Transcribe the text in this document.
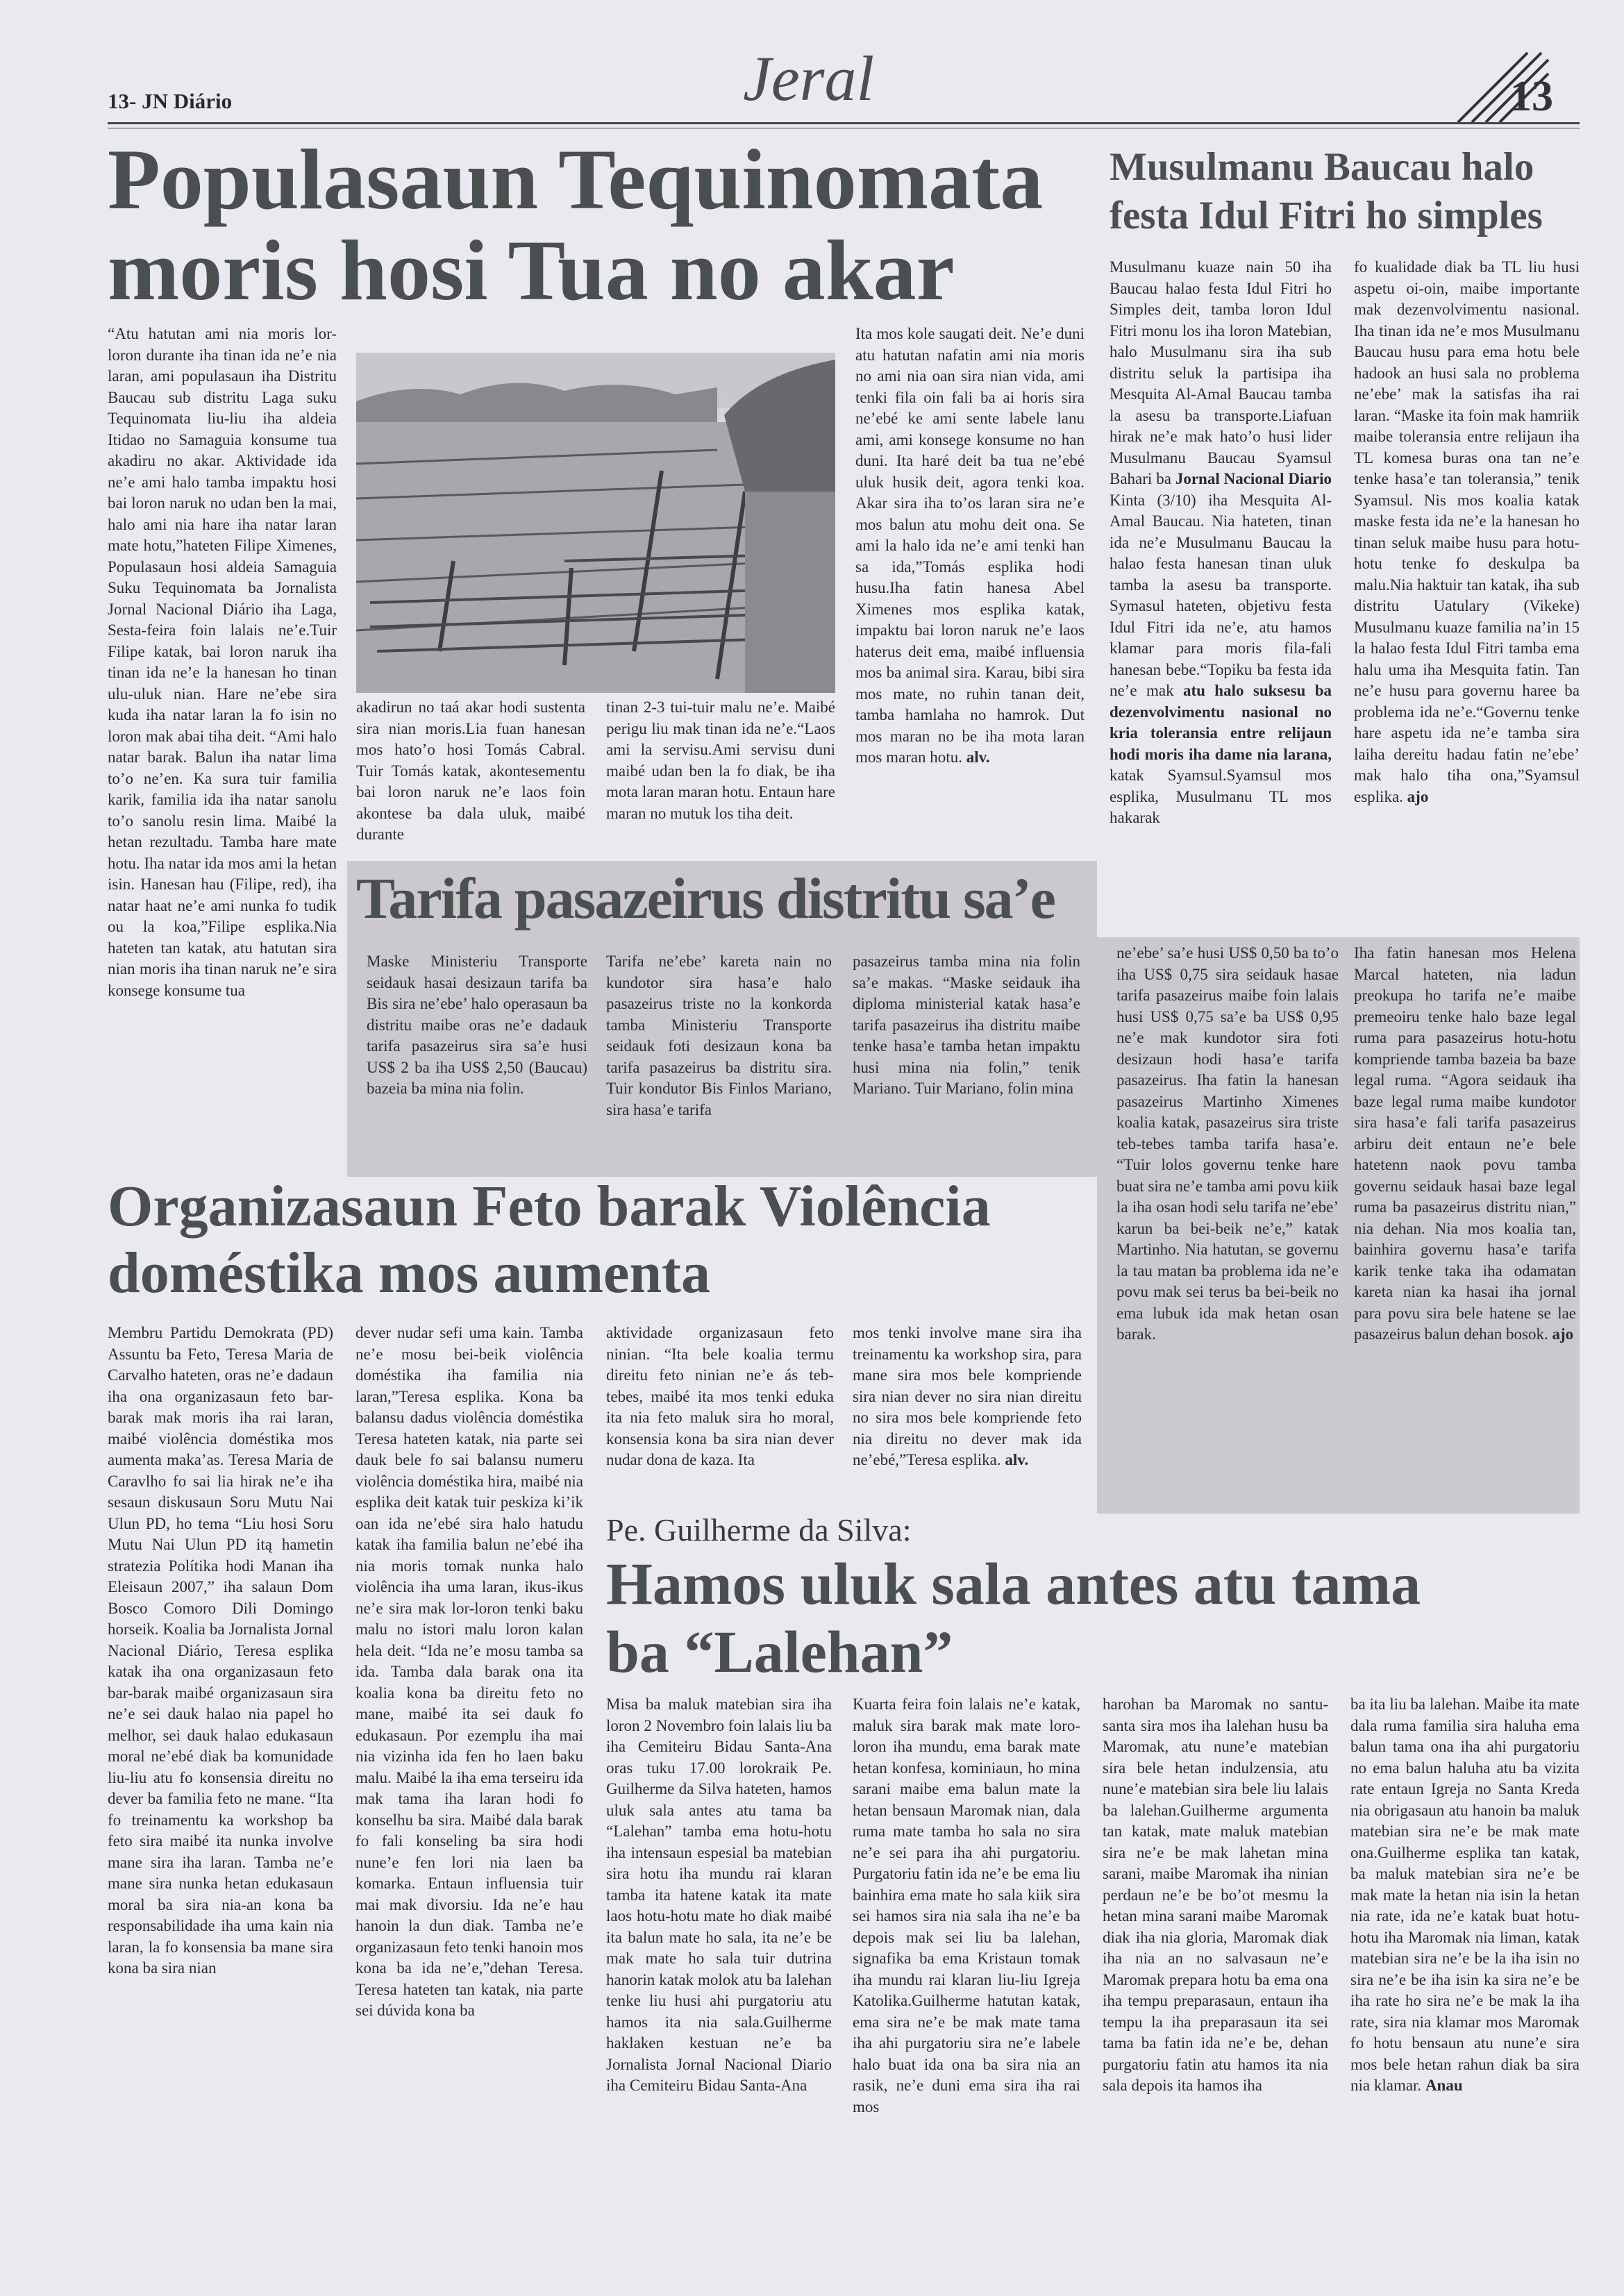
13- JN Diário	Jeral	13
Populasaun Tequinomata
moris hosi Tua no akar
“Atu hatutan ami nia moris lor-loron durante iha tinan ida ne’e nia laran, ami populasaun iha Distritu Baucau sub distritu Laga suku Tequinomata liu-liu iha aldeia Itidao no Samaguia konsume tua akadiru no akar. Aktividade ida ne’e ami halo tamba impaktu hosi bai loron naruk no udan ben la mai, halo ami nia hare iha natar laran mate hotu,”hateten Filipe Ximenes, Populasaun hosi aldeia Samaguia Suku Tequinomata ba Jornalista Jornal Nacional Diário iha Laga, Sesta-feira foin lalais ne’e.Tuir Filipe katak, bai loron naruk iha tinan ida ne’e la hanesan ho tinan ulu-uluk nian. Hare ne’ebe sira kuda iha natar laran la fo isin no loron mak abai tiha deit. “Ami halo natar barak. Balun iha natar lima to’o ne’en. Ka sura tuir familia karik, familia ida iha natar sanolu to’o sanolu resin lima. Maibé la hetan rezultadu. Tamba hare mate hotu. Iha natar ida mos ami la hetan isin. Hanesan hau (Filipe, red), iha natar haat ne’e ami nunka fo tudik ou la koa,”Filipe esplika.Nia hateten tan katak, atu hatutan sira nian moris iha tinan naruk ne’e sira konsege konsume tua
akadirun no taá akar hodi sustenta sira nian moris.Lia fuan hanesan mos hato’o hosi Tomás Cabral. Tuir Tomás katak, akontesementu bai loron naruk ne’e laos foin akontese ba dala uluk, maibé durante
tinan 2-3 tui-tuir malu ne’e. Maibé perigu liu mak tinan ida ne’e.“Laos ami la servisu.Ami servisu duni maibé udan ben la fo diak, be iha mota laran maran hotu. Entaun hare maran no mutuk los tiha deit.
Ita mos kole saugati deit. Ne’e duni atu hatutan nafatin ami nia moris no ami nia oan sira nian vida, ami tenki fila oin fali ba ai horis sira ne’ebé ke ami sente labele lanu ami, ami konsege konsume no han duni. Ita haré deit ba tua ne’ebé uluk husik deit, agora tenki koa. Akar sira iha to’os laran sira ne’e mos balun atu mohu deit ona. Se ami la halo ida ne’e ami tenki han sa ida,”Tomás esplika hodi husu.Iha fatin hanesa Abel Ximenes mos esplika katak, impaktu bai loron naruk ne’e laos haterus deit ema, maibé influensia mos ba animal sira. Karau, bibi sira mos mate, no ruhin tanan deit, tamba hamlaha no hamrok. Dut mos maran no be iha mota laran mos maran hotu. alv.
Musulmanu Baucau halo
festa Idul Fitri ho simples
Musulmanu kuaze nain 50 iha Baucau halao festa Idul Fitri ho Simples deit, tamba loron Idul Fitri monu los iha loron Matebian, halo Musulmanu sira iha sub distritu seluk la partisipa iha Mesquita Al-Amal Baucau tamba la asesu ba transporte.Liafuan hirak ne’e mak hato’o husi lider Musulmanu Baucau Syamsul Bahari ba Jornal Nacional Diario Kinta (3/10) iha Mesquita Al-Amal Baucau. Nia hateten, tinan ida ne’e Musulmanu Baucau la halao festa hanesan tinan uluk tamba la asesu ba transporte. Symasul hateten, objetivu festa Idul Fitri ida ne’e, atu hamos klamar para moris fila-fali hanesan bebe.“Topiku ba festa ida ne’e mak atu halo suksesu ba dezenvolvimentu nasional no kria toleransia entre relijaun hodi moris iha dame nia larana, katak Syamsul.Syamsul mos esplika, Musulmanu TL mos hakarak
fo kualidade diak ba TL liu husi aspetu oi-oin, maibe importante mak dezenvolvimentu nasional. Iha tinan ida ne’e mos Musulmanu Baucau husu para ema hotu bele hadook an husi sala no problema ne’ebe’ mak la satisfas iha rai laran. “Maske ita foin mak hamriik maibe toleransia entre relijaun iha TL komesa buras ona tan ne’e tenke hasa’e tan toleransia,” tenik Syamsul. Nis mos koalia katak maske festa ida ne’e la hanesan ho tinan seluk maibe husu para hotu-hotu tenke fo deskulpa ba malu.Nia haktuir tan katak, iha sub distritu Uatulary (Vikeke) Musulmanu kuaze familia na’in 15 la halao festa Idul Fitri tamba ema halu uma iha Mesquita fatin. Tan ne’e husu para governu haree ba problema ida ne’e.“Governu tenke hare aspetu ida ne’e tamba sira laiha dereitu hadau fatin ne’ebe’ mak halo tiha ona,”Syamsul esplika. ajo
Tarifa pasazeirus distritu sa’e
Maske Ministeriu Transporte seidauk hasai desizaun tarifa ba Bis sira ne’ebe’ halo operasaun ba distritu maibe oras ne’e dadauk tarifa pasazeirus sira sa’e husi US$ 2 ba iha US$ 2,50 (Baucau) bazeia ba mina nia folin.
Tarifa ne’ebe’ kareta nain no kundotor sira hasa’e halo pasazeirus triste no la konkorda tamba Ministeriu Transporte seidauk foti desizaun kona ba tarifa pasazeirus ba distritu sira. Tuir kondutor Bis Finlos Mariano, sira hasa’e tarifa
pasazeirus tamba mina nia folin sa’e makas. “Maske seidauk iha diploma ministerial katak hasa’e tarifa pasazeirus iha distritu maibe tenke hasa’e tamba hetan impaktu husi mina nia folin,” tenik Mariano. Tuir Mariano, folin mina
ne’ebe’ sa’e husi US$ 0,50 ba to’o iha US$ 0,75 sira seidauk hasae tarifa pasazeirus maibe foin lalais husi US$ 0,75 sa’e ba US$ 0,95 ne’e mak kundotor sira foti desizaun hodi hasa’e tarifa pasazeirus. Iha fatin la hanesan pasazeirus Martinho Ximenes koalia katak, pasazeirus sira triste teb-tebes tamba tarifa hasa’e. “Tuir lolos governu tenke hare buat sira ne’e tamba ami povu kiik la iha osan hodi selu tarifa ne’ebe’ karun ba bei-beik ne’e,” katak Martinho. Nia hatutan, se governu la tau matan ba problema ida ne’e povu mak sei terus ba bei-beik no ema lubuk ida mak hetan osan barak.
Iha fatin hanesan mos Helena Marcal hateten, nia ladun preokupa ho tarifa ne’e maibe premeoiru tenke halo baze legal ruma para pasazeirus hotu-hotu kompriende tamba bazeia ba baze legal ruma. “Agora seidauk iha baze legal ruma maibe kundotor sira hasa’e fali tarifa pasazeirus arbiru deit entaun ne’e bele hatetenn naok povu tamba governu seidauk hasai baze legal ruma ba pasazeirus distritu nian,” nia dehan. Nia mos koalia tan, bainhira governu hasa’e tarifa karik tenke taka iha odamatan kareta nian ka hasai iha jornal para povu sira bele hatene se lae pasazeirus balun dehan bosok. ajo
Organizasaun Feto barak Violência
doméstika mos aumenta
Membru Partidu Demokrata (PD) Assuntu ba Feto, Teresa Maria de Carvalho hateten, oras ne’e dadaun iha ona organizasaun feto bar-barak mak moris iha rai laran, maibé violência doméstika mos aumenta maka’as. Teresa Maria de Caravlho fo sai lia hirak ne’e iha sesaun diskusaun Soru Mutu Nai Ulun PD, ho tema “Liu hosi Soru Mutu Nai Ulun PD itą hametin strateziа Polítika hodi Manan iha Eleisaun 2007,” iha salaun Dom Bosco Comoro Dili Domingo horseik. Koalia ba Jornalista Jornal Nacional Diário, Teresa esplika katak iha ona organizasaun feto bar-barak maibé organizasaun sira ne’e sei dauk halao nia papel ho melhor, sei dauk halao edukasaun moral ne’ebé diak ba komunidade liu-liu atu fo konsensia direitu no dever ba familia feto ne mane. “Ita fo treinamentu ka workshop ba feto sira maibé ita nunka involve mane sira iha laran. Tamba ne’e mane sira nunka hetan edukasaun moral ba sira nia-an kona ba responsabilidade iha uma kain nia laran, la fo konsensia ba mane sira kona ba sira nian
dever nudar sefi uma kain. Tamba ne’e mosu bei-beik violência doméstika iha familia nia laran,”Teresa esplika. Kona ba balansu dadus violência doméstika Teresa hateten katak, nia parte sei dauk bele fo sai balansu numeru violência doméstika hira, maibé nia esplika deit katak tuir peskiza ki’ik oan ida ne’ebé sira halo hatudu katak iha familia balun ne’ebé iha nia moris tomak nunka halo violência iha uma laran, ikus-ikus ne’e sira mak lor-loron tenki baku malu no istori malu loron kalan hela deit. “Ida ne’e mosu tamba sa ida. Tamba dala barak ona ita koalia kona ba direitu feto no mane, maibé ita sei dauk fo edukasaun. Por ezemplu iha mai nia vizinha ida fen ho laen baku malu. Maibé la iha ema terseiru ida mak tama iha laran hodi fo konselhu ba sira. Maibé dala barak fo fali konseling ba sira hodi nune’e fen lori nia laen ba komarka. Entaun influensia tuir mai mak divorsiu. Ida ne’e hau hanoin la dun diak. Tamba ne’e organizasaun feto tenki hanoin mos kona ba ida ne’e,”dehan Teresa. Teresa hateten tan katak, nia parte sei dúvida kona ba
aktividade organizasaun feto ninian. “Ita bele koalia termu direitu feto ninian ne’e ás teb-tebes, maibé ita mos tenki eduka ita nia feto maluk sira ho moral, konsensia kona ba sira nian dever nudar dona de kaza. Ita
mos tenki involve mane sira iha treinamentu ka workshop sira, para mane sira mos bele kompriende sira nian dever no sira nian direitu no sira mos bele kompriende feto nia direitu no dever mak ida ne’ebé,”Teresa esplika. alv.
Pe. Guilherme da Silva:
Hamos uluk sala antes atu tama
ba “Lalehan”
Misa ba maluk matebian sira iha loron 2 Novembro foin lalais liu ba iha Cemiteiru Bidau Santa-Ana oras tuku 17.00 lorokraik Pe. Guilherme da Silva hateten, hamos uluk sala antes atu tama ba “Lalehan” tamba ema hotu-hotu iha intensaun espesial ba matebian sira hotu iha mundu rai klaran tamba ita hatene katak ita mate laos hotu-hotu mate ho diak maibé ita balun mate ho sala, ita ne’e be mak mate ho sala tuir dutrina hanorin katak molok atu ba lalehan tenke liu husi ahi purgatoriu atu hamos ita nia sala.Guilherme haklaken kestuan ne’e ba Jornalista Jornal Nacional Diario iha Cemiteiru Bidau Santa-Ana
Kuarta feira foin lalais ne’e katak, maluk sira barak mak mate loro-loron iha mundu, ema barak mate hetan konfesa, kominiaun, ho mina sarani maibe ema balun mate la hetan bensaun Maromak nian, dala ruma mate tamba ho sala no sira ne’e sei para iha ahi purgatoriu. Purgatoriu fatin ida ne’e be ema liu bainhira ema mate ho sala kiik sira sei hamos sira nia sala iha ne’e ba depois mak sei liu ba lalehan, signafika ba ema Kristaun tomak iha mundu rai klaran liu-liu Igreja Katolika.Guilherme hatutan katak, ema sira ne’e be mak mate tama iha ahi purgatoriu sira ne’e labele halo buat ida ona ba sira nia an rasik, ne’e duni ema sira iha rai mos
harohan ba Maromak no santu-santa sira mos iha lalehan husu ba Maromak, atu nune’e matebian sira bele hetan indulzensia, atu nune’e matebian sira bele liu lalais ba lalehan.Guilherme argumenta tan katak, mate maluk matebian sira ne’e be mak lahetan mina sarani, maibe Maromak iha ninian perdaun ne’e be bo’ot mesmu la hetan mina sarani maibe Maromak diak iha nia gloria, Maromak diak iha nia an no salvasaun ne’e Maromak prepara hotu ba ema ona iha tempu preparasaun, entaun iha tempu la iha preparasaun ita sei tama ba fatin ida ne’e be, dehan purgatoriu fatin atu hamos ita nia sala depois ita hamos iha
ba ita liu ba lalehan. Maibe ita mate dala ruma familia sira haluha ema balun tama ona iha ahi purgatoriu no ema balun haluha atu ba vizita rate entaun Igreja no Santa Kreda nia obrigasaun atu hanoin ba maluk matebian sira ne’e be mak mate ona.Guilherme esplika tan katak, ba maluk matebian sira ne’e be mak mate la hetan nia isin la hetan nia rate, ida ne’e katak buat hotu-hotu iha Maromak nia liman, katak matebian sira ne’e be la iha isin no sira ne’e be iha isin ka sira ne’e be iha rate ho sira ne’e be mak la iha rate, sira nia klamar mos Maromak fo hotu bensaun atu nune’e sira mos bele hetan rahun diak ba sira nia klamar. Anau
